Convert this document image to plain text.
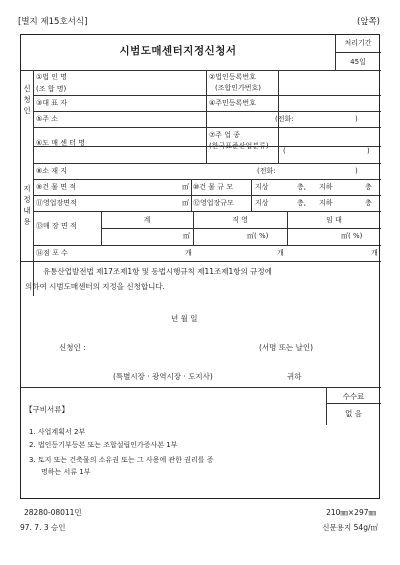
[별지 제15호서식]	(앞쪽)
시범도매센터지정신청서
처리기간
45일
신
청
인
①법 인 명
(조 합 명)
②법인등록번호
(조합인가번호)
③대 표 자	④주민등록번호
⑤주 소	(전화:	)
지
정
내
용
⑥도 매 센 터 명
⑦주 업 종
(한국표준산업분류)
(	)
⑧소 재 지	(전화:	)
⑨건 물 면 적	㎡ ⑩건 물 규 모	지상	층, 지하	층
⑪영업장면적	㎡ ⑫영업장규모	지상	층, 지하	층
⑬매 장 면 적
계	직 영	임 대
㎡	㎡( %)	㎡( %)
⑭점 포 수	개	개	개
유통산업발전법 제17조제1항 및 동법시행규칙 제11조제1항의 규정에
의하여 시범도매센터의 지정을 신청합니다.
년 월 일
신청인 :	(서명 또는 날인)
(특별시장 · 광역시장 · 도지사)	귀하
수수료
없 음
【구비서류】
1. 사업계획서 2부
2. 법인등기부등본 또는 조합설립인가증사본 1부
3. 토지 또는 건축물의 소유권 또는 그 사용에 관한 권리를 증
명하는 서류 1부
28280-08011민
97. 7. 3 승인
210㎜×297㎜
신문용지 54g/㎡
